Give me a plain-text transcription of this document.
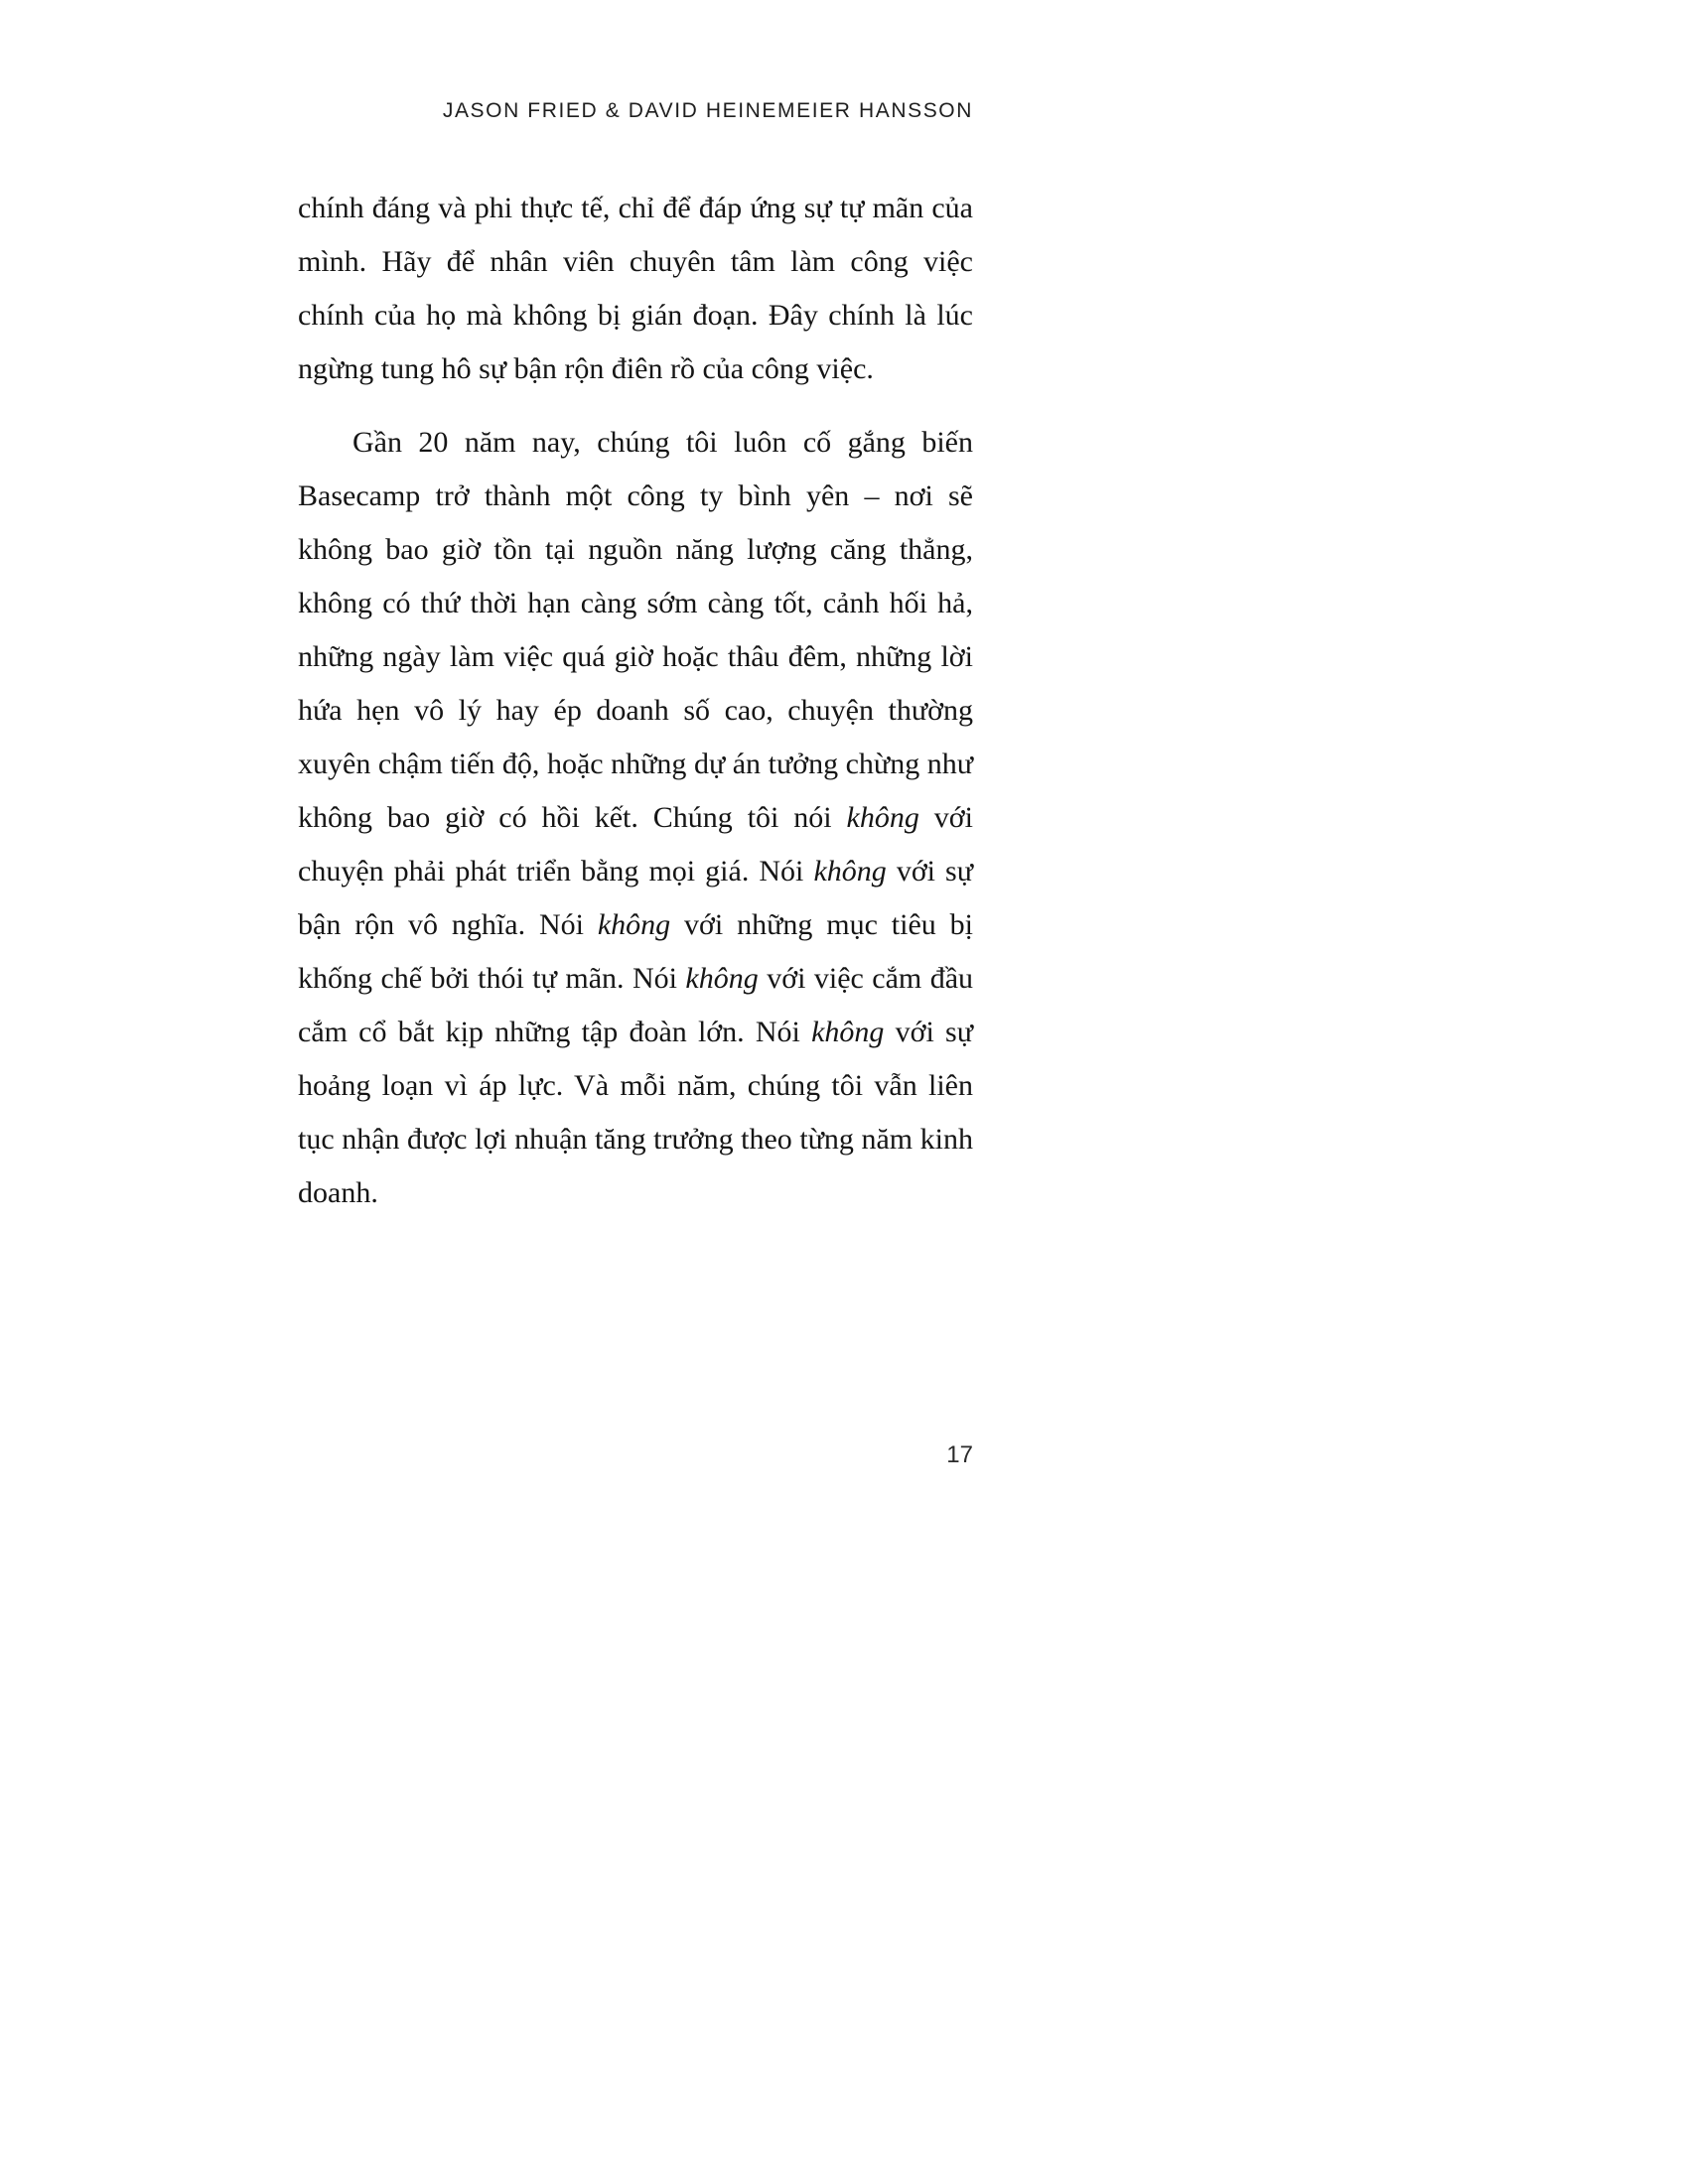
JASON FRIED & DAVID HEINEMEIER HANSSON

chính đáng và phi thực tế, chỉ để đáp ứng sự tự mãn của mình. Hãy để nhân viên chuyên tâm làm công việc chính của họ mà không bị gián đoạn. Đây chính là lúc ngừng tung hô sự bận rộn điên rồ của công việc.

Gần 20 năm nay, chúng tôi luôn cố gắng biến Basecamp trở thành một công ty bình yên – nơi sẽ không bao giờ tồn tại nguồn năng lượng căng thẳng, không có thứ thời hạn càng sớm càng tốt, cảnh hối hả, những ngày làm việc quá giờ hoặc thâu đêm, những lời hứa hẹn vô lý hay ép doanh số cao, chuyện thường xuyên chậm tiến độ, hoặc những dự án tưởng chừng như không bao giờ có hồi kết. Chúng tôi nói không với chuyện phải phát triển bằng mọi giá. Nói không với sự bận rộn vô nghĩa. Nói không với những mục tiêu bị khống chế bởi thói tự mãn. Nói không với việc cắm đầu cắm cổ bắt kịp những tập đoàn lớn. Nói không với sự hoảng loạn vì áp lực. Và mỗi năm, chúng tôi vẫn liên tục nhận được lợi nhuận tăng trưởng theo từng năm kinh doanh.

17
